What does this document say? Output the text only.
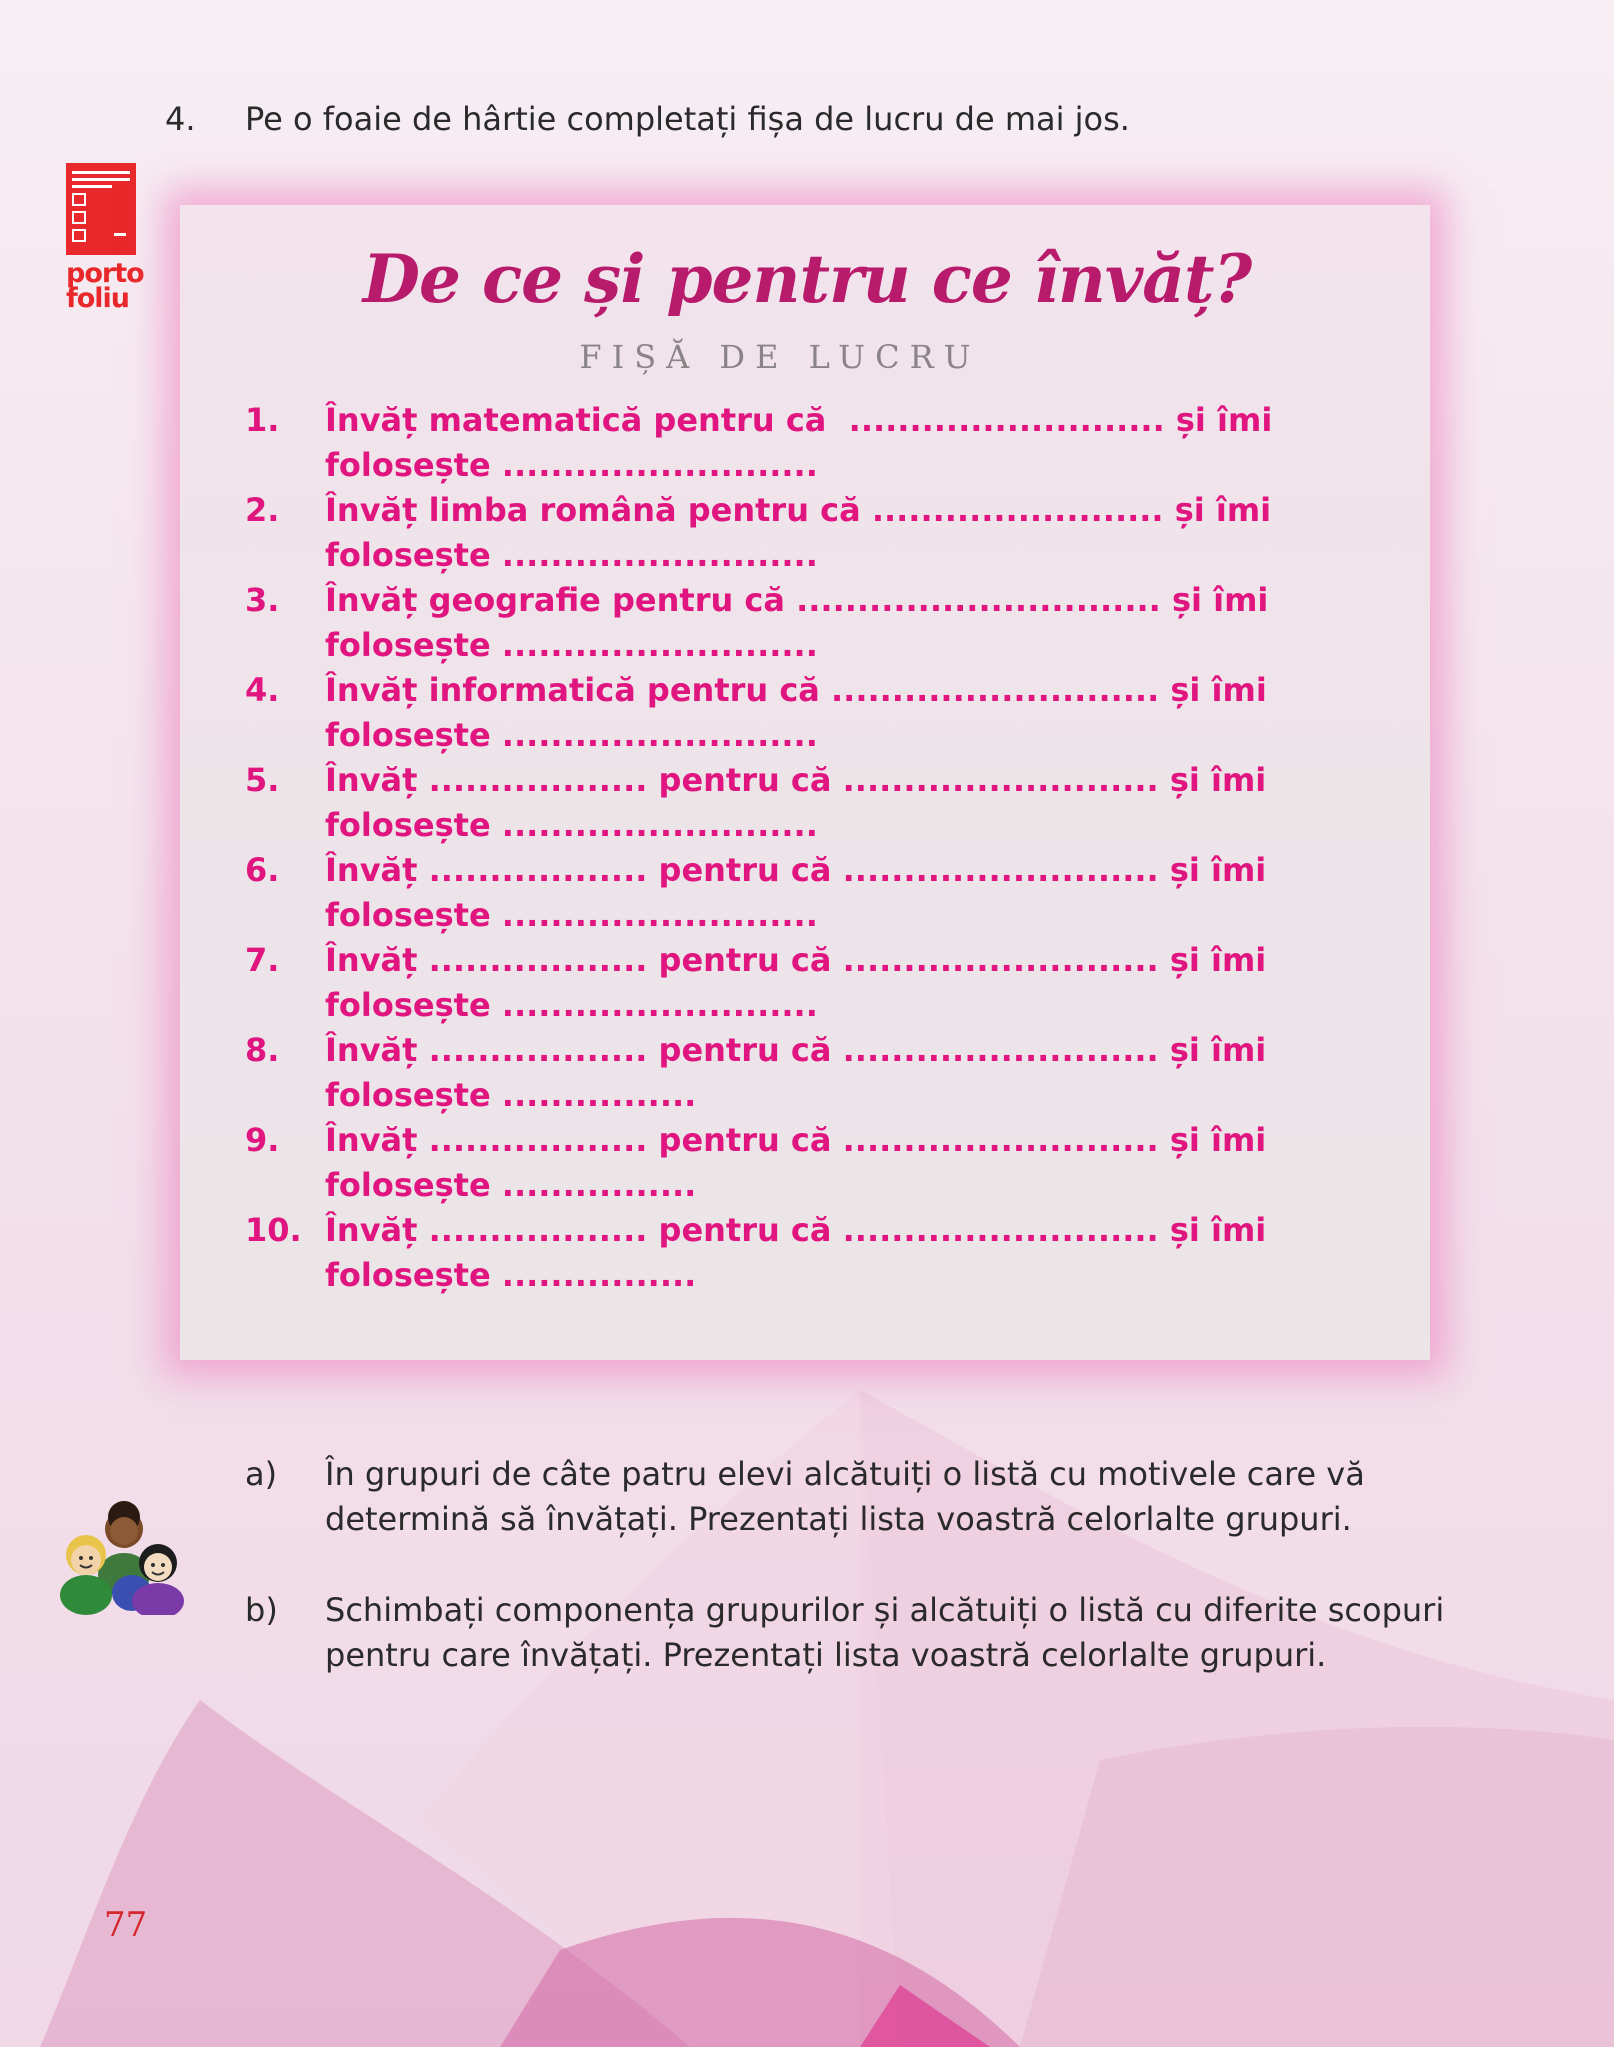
4.	Pe o foaie de hârtie completați fișa de lucru de mai jos.
porto
foliu	De ce și pentru ce învăț?
FIȘĂ DE LUCRU
1.	Învăț matematică pentru că  .......................... și îmi
folosește ..........................
2.	Învăț limba română pentru că ........................ și îmi
folosește ..........................
3.	Învăț geografie pentru că .............................. și îmi
folosește ..........................
4.	Învăț informatică pentru că ........................... și îmi
folosește ..........................
5.	Învăț .................. pentru că .......................... și îmi
folosește ..........................
6.	Învăț .................. pentru că .......................... și îmi
folosește ..........................
7.	Învăț .................. pentru că .......................... și îmi
folosește ..........................
8.	Învăț .................. pentru că .......................... și îmi
folosește ................
9.	Învăț .................. pentru că .......................... și îmi
folosește ................
10. Învăț .................. pentru că .......................... și îmi
folosește ................
a)	În grupuri de câte patru elevi alcătuiți o listă cu motivele care vă determină să învățați. Prezentați lista voastră celorlalte grupuri.
b)	Schimbați componența grupurilor și alcătuiți o listă cu diferite scopuri pentru care învățați. Prezentați lista voastră celorlalte grupuri.
77
